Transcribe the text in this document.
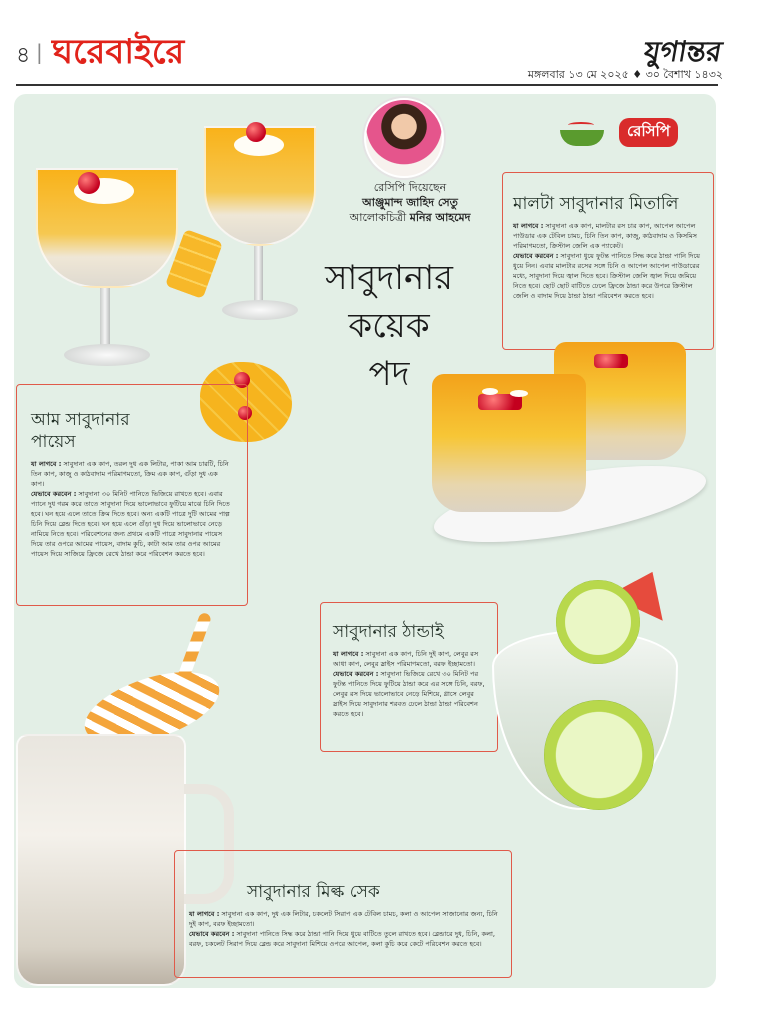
৪ | ঘরেবাইরে	যুগান্তর
মঙ্গলবার ১৩ মে ২০২৫ ♦ ৩০ বৈশাখ ১৪৩২
রেসিপি দিয়েছেন
আঞ্জুমান্দ জাহিদ সেতু
আলোকচিত্রী মনির আহমেদ
সাবুদানার
কয়েক
পদ
রেসিপি
মালটা সাবুদানার মিতালি
যা লাগবে : সাবুদানা এক কাপ, মালটার রস চার কাপ, আপেল আপেল পাউডার এক টেবিল চামচ, চিনি তিন কাপ, কাজু, কাঠবাদাম ও কিসমিস পরিমাণমতো, ক্রিস্টাল জেলি এক প্যাকেট।
যেভাবে করবেন : সাবুদানা ধুয়ে ফুটন্ত পানিতে সিদ্ধ করে ঠান্ডা পানি দিয়ে ধুয়ে নিন। এবার মালটার রসের সঙ্গে চিনি ও আপেল আপেল পাউডারের মধ্যে, সাবুদানা দিয়ে জ্বাল দিতে হবে। ক্রিস্টাল জেলি জ্বাল দিয়ে জমিয়ে নিতে হবে। ছোট ছোট বাটিতে ঢেলে ফ্রিজে ঠান্ডা করে উপরে ক্রিস্টাল জেলি ও বাদাম দিয়ে ঠান্ডা ঠান্ডা পরিবেশন করতে হবে।
আম সাবুদানার
পায়েস
যা লাগবে : সাবুদানা এক কাপ, তরল দুধ এক লিটার, পাকা আম চারটি, চিনি তিন কাপ, কাজু ও কাঠবাদাম পরিমাণমতো, ক্রিম এক কাপ, গুঁড়া দুধ এক কাপ।
যেভাবে করবেন : সাবুদানা ৩০ মিনিট পানিতে ভিজিয়ে রাখতে হবে। এবার প্যানে দুধ গরম করে তাতে সাবুদানা দিয়ে ভালোভাবে ফুটিয়ে মাঝে চিনি দিতে হবে। ঘন হয়ে এলে তাতে ক্রিম দিতে হবে। অন্য একটি পাত্রে দুটি আমের পাল্প চিনি দিয়ে ব্লেন্ড দিতে হবে। ঘন হয়ে এলে গুঁড়া দুধ দিয়ে ভালোভাবে নেড়ে নামিয়ে নিতে হবে। পরিবেশনের জন্য প্রথমে একটি পাত্রে সাবুদানার পায়েস দিয়ে তার ওপরে আমের পায়েস, বাদাম কুচি, কাটা আম তার ওপর আমের পায়েস দিয়ে সাজিয়ে ফ্রিজে রেখে ঠান্ডা করে পরিবেশন করতে হবে।
সাবুদানার ঠান্ডাই
যা লাগবে : সাবুদানা এক কাপ, চিনি দুই কাপ, লেবুর রস আধা কাপ, লেবুর স্লাইস পরিমাণমতো, বরফ ইচ্ছামতো।
যেভাবে করবেন : সাবুদানা ভিজিয়ে রেখে ৩০ মিনিট পর ফুটন্ত পানিতে দিয়ে ফুটিয়ে ঠান্ডা করে এর সঙ্গে চিনি, বরফ, লেবুর রস দিয়ে ভালোভাবে নেড়ে মিশিয়ে, গ্লাসে লেবুর স্লাইস দিয়ে সাবুদানার শরবত ঢেলে ঠান্ডা ঠান্ডা পরিবেশন করতে হবে।
সাবুদানার মিল্ক সেক
যা লাগবে : সাবুদানা এক কাপ, দুধ এক লিটার, চকলেট সিরাপ এক টেবিল চামচ, কলা ও আপেল সাজানোর জন্য, চিনি দুই কাপ, বরফ ইচ্ছামতো।
যেভাবে করবেন : সাবুদানা পানিতে সিদ্ধ করে ঠান্ডা পানি দিয়ে ধুয়ে বাটিতে তুলে রাখতে হবে। ব্লেন্ডারে দুধ, চিনি, কলা, বরফ, চকলেট সিরাপ দিয়ে ব্লেন্ড করে সাবুদানা মিশিয়ে ওপরে আপেল, কলা কুচি করে কেটে পরিবেশন করতে হবে।
